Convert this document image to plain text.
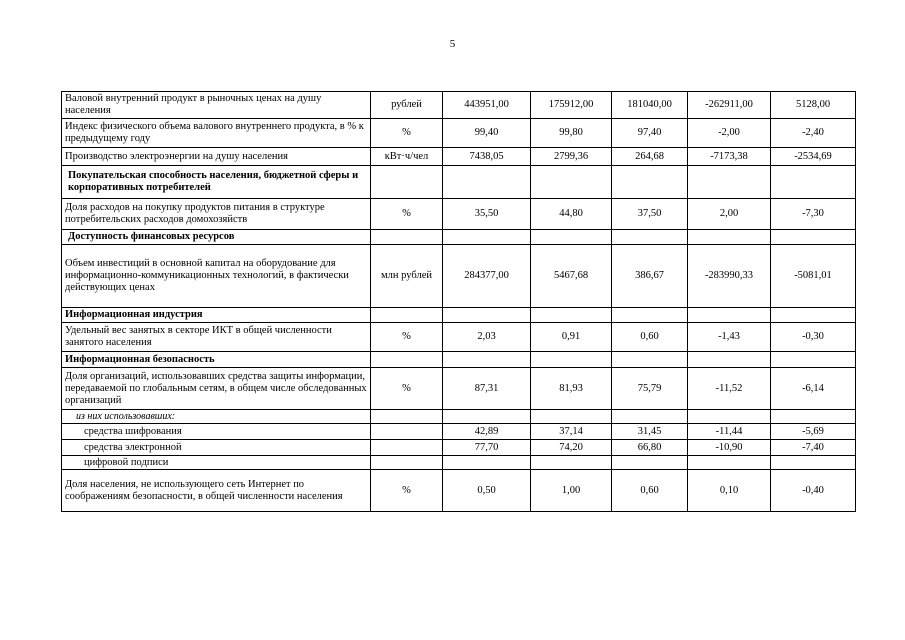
5
Валовой внутренний продукт в рыночных ценах на душу населения	рублей	443951,00	175912,00	181040,00	-262911,00	5128,00
Индекс физического объема валового внутреннего продукта, в % к предыдущему году	%	99,40	99,80	97,40	-2,00	-2,40
Производство электроэнергии на душу населения	кВт·ч/чел	7438,05	2799,36	264,68	-7173,38	-2534,69
Покупательская способность населения, бюджетной сферы и корпоративных потребителей						
Доля расходов на покупку продуктов питания в структуре потребительских расходов домохозяйств	%	35,50	44,80	37,50	2,00	-7,30
Доступность финансовых ресурсов						
Объем инвестиций в основной капитал на оборудование для информационно-коммуникационных технологий, в фактически действующих ценах	млн рублей	284377,00	5467,68	386,67	-283990,33	-5081,01
Информационная индустрия						
Удельный вес занятых в секторе ИКТ в общей численности занятого населения	%	2,03	0,91	0,60	-1,43	-0,30
Информационная безопасность						
Доля организаций, использовавших средства защиты информации, передаваемой по глобальным сетям, в общем числе обследованных организаций	%	87,31	81,93	75,79	-11,52	-6,14
из них использовавших:						
средства шифрования		42,89	37,14	31,45	-11,44	-5,69
средства электронной		77,70	74,20	66,80	-10,90	-7,40
цифровой подписи						
Доля населения, не использующего сеть Интернет по соображениям безопасности, в общей численности населения	%	0,50	1,00	0,60	0,10	-0,40
